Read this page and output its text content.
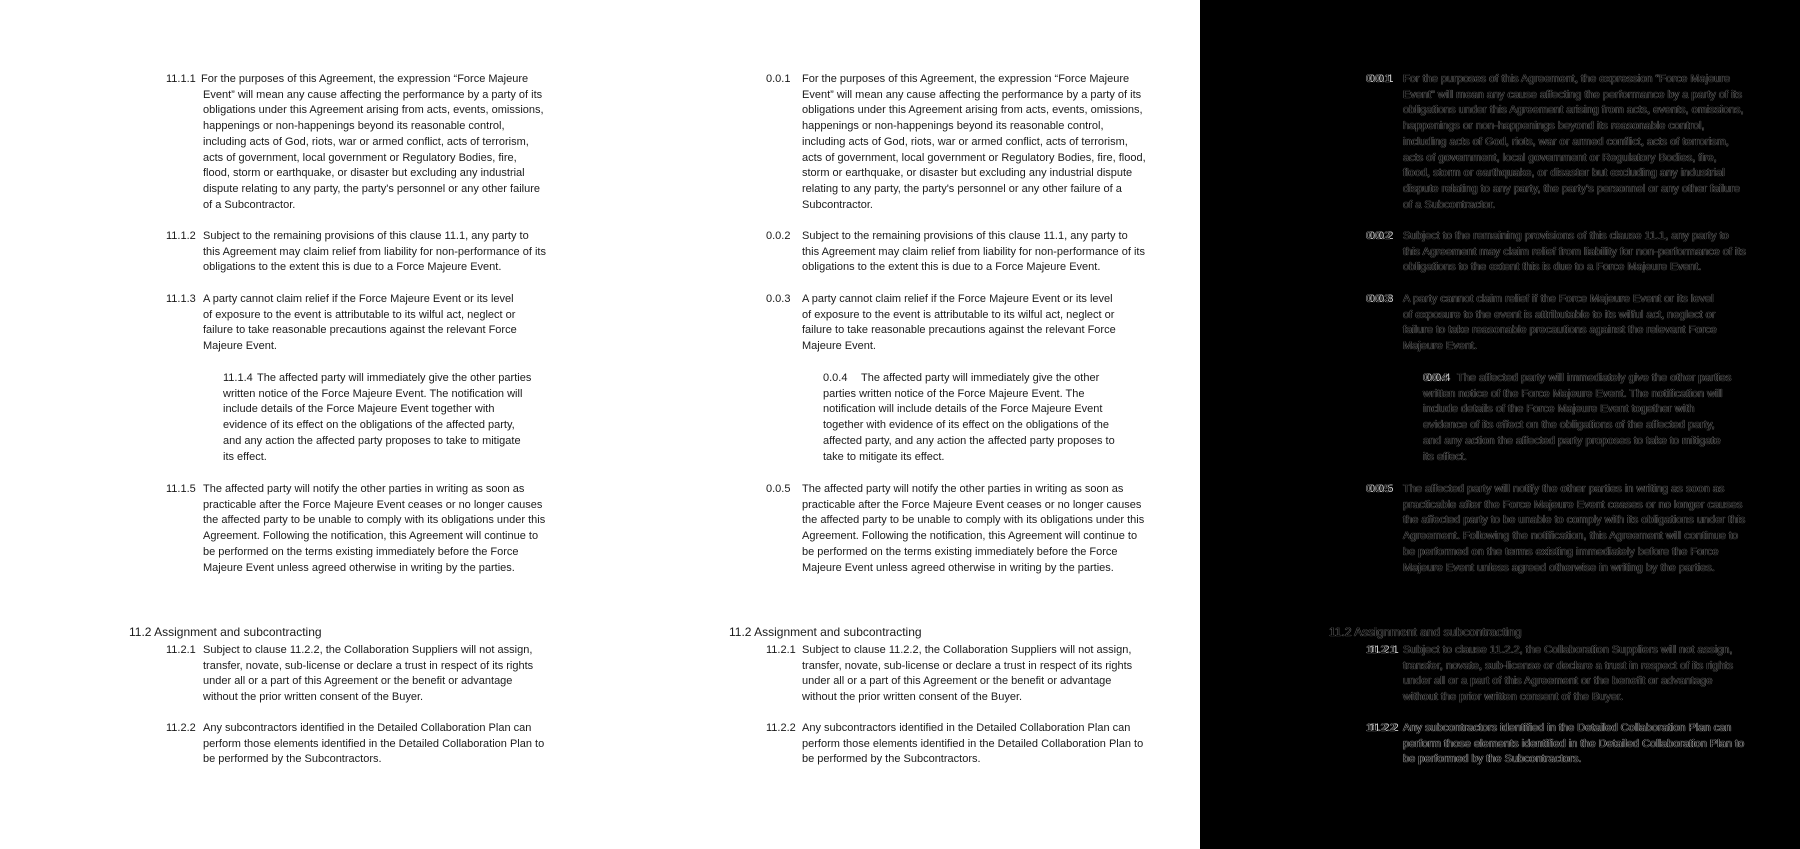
11.1.1 For the purposes of this Agreement, the expression “Force Majeure Event” will mean any cause affecting the performance by a party of its obligations under this Agreement arising from acts, events, omissions, happenings or non-happenings beyond its reasonable control, including acts of God, riots, war or armed conflict, acts of terrorism, acts of government, local government or Regulatory Bodies, fire, flood, storm or earthquake, or disaster but excluding any industrial dispute relating to any party, the party's personnel or any other failure of a Subcontractor.
11.1.2 Subject to the remaining provisions of this clause 11.1, any party to this Agreement may claim relief from liability for non-performance of its obligations to the extent this is due to a Force Majeure Event.
11.1.3 A party cannot claim relief if the Force Majeure Event or its level of exposure to the event is attributable to its wilful act, neglect or failure to take reasonable precautions against the relevant Force Majeure Event.
11.1.4 The affected party will immediately give the other parties written notice of the Force Majeure Event. The notification will include details of the Force Majeure Event together with evidence of its effect on the obligations of the affected party, and any action the affected party proposes to take to mitigate its effect.
11.1.5 The affected party will notify the other parties in writing as soon as practicable after the Force Majeure Event ceases or no longer causes the affected party to be unable to comply with its obligations under this Agreement. Following the notification, this Agreement will continue to be performed on the terms existing immediately before the Force Majeure Event unless agreed otherwise in writing by the parties.
11.2 Assignment and subcontracting
11.2.1 Subject to clause 11.2.2, the Collaboration Suppliers will not assign, transfer, novate, sub-license or declare a trust in respect of its rights under all or a part of this Agreement or the benefit or advantage without the prior written consent of the Buyer.
11.2.2 Any subcontractors identified in the Detailed Collaboration Plan can perform those elements identified in the Detailed Collaboration Plan to be performed by the Subcontractors.
0.0.1	For the purposes of this Agreement, the expression “Force Majeure Event” will mean any cause affecting the performance by a party of its obligations under this Agreement arising from acts, events, omissions, happenings or non-happenings beyond its reasonable control, including acts of God, riots, war or armed conflict, acts of terrorism, acts of government, local government or Regulatory Bodies, fire, flood, storm or earthquake, or disaster but excluding any industrial dispute relating to any party, the party's personnel or any other failure of a Subcontractor.
0.0.2	Subject to the remaining provisions of this clause 11.1, any party to this Agreement may claim relief from liability for non-performance of its obligations to the extent this is due to a Force Majeure Event.
0.0.3	A party cannot claim relief if the Force Majeure Event or its level of exposure to the event is attributable to its wilful act, neglect or failure to take reasonable precautions against the relevant Force Majeure Event.
0.0.4	The affected party will immediately give the other parties written notice of the Force Majeure Event. The notification will include details of the Force Majeure Event together with evidence of its effect on the obligations of the affected party, and any action the affected party proposes to take to mitigate its effect.
0.0.5	The affected party will notify the other parties in writing as soon as practicable after the Force Majeure Event ceases or no longer causes the affected party to be unable to comply with its obligations under this Agreement. Following the notification, this Agreement will continue to be performed on the terms existing immediately before the Force Majeure Event unless agreed otherwise in writing by the parties.
11.2 Assignment and subcontracting
11.2.1 Subject to clause 11.2.2, the Collaboration Suppliers will not assign, transfer, novate, sub-license or declare a trust in respect of its rights under all or a part of this Agreement or the benefit or advantage without the prior written consent of the Buyer.
11.2.2 Any subcontractors identified in the Detailed Collaboration Plan can perform those elements identified in the Detailed Collaboration Plan to be performed by the Subcontractors.
0.0.1	For the purposes of this Agreement, the expression “Force Majeure Event” will mean any cause affecting the performance by a party of its obligations under this Agreement arising from acts, events, omissions, happenings or non-happenings beyond its reasonable control, including acts of God, riots, war or armed conflict, acts of terrorism, acts of government, local government or Regulatory Bodies, fire, flood, storm or earthquake, or disaster but excluding any industrial dispute relating to any party, the party's personnel or any other failure of a Subcontractor.
0.0.2	Subject to the remaining provisions of this clause 11.1, any party to this Agreement may claim relief from liability for non-performance of its obligations to the extent this is due to a Force Majeure Event.
0.0.3	A party cannot claim relief if the Force Majeure Event or its level of exposure to the event is attributable to its wilful act, neglect or failure to take reasonable precautions against the relevant Force Majeure Event.
0.0.4 The affected party will immediately give the other parties written notice of the Force Majeure Event. The notification will include details of the Force Majeure Event together with evidence of its effect on the obligations of the affected party, and any action the affected party proposes to take to mitigate its effect.
0.0.5	The affected party will notify the other parties in writing as soon as practicable after the Force Majeure Event ceases or no longer causes the affected party to be unable to comply with its obligations under this Agreement. Following the notification, this Agreement will continue to be performed on the terms existing immediately before the Force Majeure Event unless agreed otherwise in writing by the parties.
11.2 Assignment and subcontracting
11.2.1 Subject to clause 11.2.2, the Collaboration Suppliers will not assign, transfer, novate, sub-license or declare a trust in respect of its rights under all or a part of this Agreement or the benefit or advantage without the prior written consent of the Buyer.
11.2.2 Any subcontractors identified in the Detailed Collaboration Plan can perform those elements identified in the Detailed Collaboration Plan to be performed by the Subcontractors.
